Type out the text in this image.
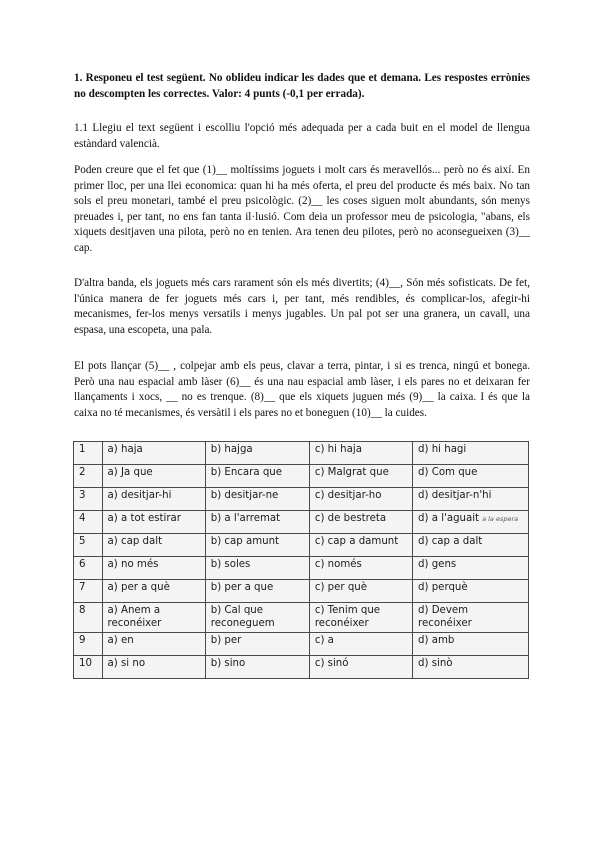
1. Responeu el test següent. No oblideu indicar les dades que et demana. Les respostes errònies no descompten les correctes. Valor: 4 punts (-0,1 per errada).
1.1 Llegiu el text següent i escolliu l'opció més adequada per a cada buit en el model de llengua estàndard valencià.
Poden creure que el fet que (1)__ moltíssims joguets i molt cars és meravellós... però no és així. En primer lloc, per una llei economica: quan hi ha més oferta, el preu del producte és més baix. No tan sols el preu monetari, també el preu psicològic. (2)__ les coses siguen molt abundants, són menys preuades i, per tant, no ens fan tanta il·lusió. Com deia un professor meu de psicologia, "abans, els xiquets desitjaven una pilota, però no en tenien. Ara tenen deu pilotes, però no aconsegueixen (3)__ cap.
D'altra banda, els joguets més cars rarament són els més divertits; (4)__, Són més sofisticats. De fet, l'única manera de fer joguets més cars i, per tant, més rendibles, és complicar-los, afegir-hi mecanismes, fer-los menys versatils i menys jugables. Un pal pot ser una granera, un cavall, una espasa, una escopeta, una pala.
El pots llançar (5)__ , colpejar amb els peus, clavar a terra, pintar, i si es trenca, ningú et bonega. Però una nau espacial amb làser (6)__ és una nau espacial amb làser, i els pares no et deixaran fer llançaments i xocs, __ no es trenque. (8)__ que els xiquets juguen més (9)__ la caixa. I és que la caixa no té mecanismes, és versàtil i els pares no et boneguen (10)__ la cuides.
1	a) haja	b) hajga	c) hi haja	d) hi hagi
2	a) Ja que	b) Encara que	c) Malgrat que	d) Com que
3	a) desitjar-hi	b) desitjar-ne	c) desitjar-ho	d) desitjar-n'hi
4	a) a tot estirar	b) a l'arremat	c) de bestreta	d) a l'aguait a la espera
5	a) cap dalt	b) cap amunt	c) cap a damunt	d) cap a dalt
6	a) no més	b) soles	c) només	d) gens
7	a) per a què	b) per a que	c) per què	d) perquè
8	a) Anem a reconéixer	b) Cal que reconeguem	c) Tenim que reconéixer	d) Devem reconéixer
9	a) en	b) per	c) a	d) amb
10	a) si no	b) sino	c) sinó	d) sinò
